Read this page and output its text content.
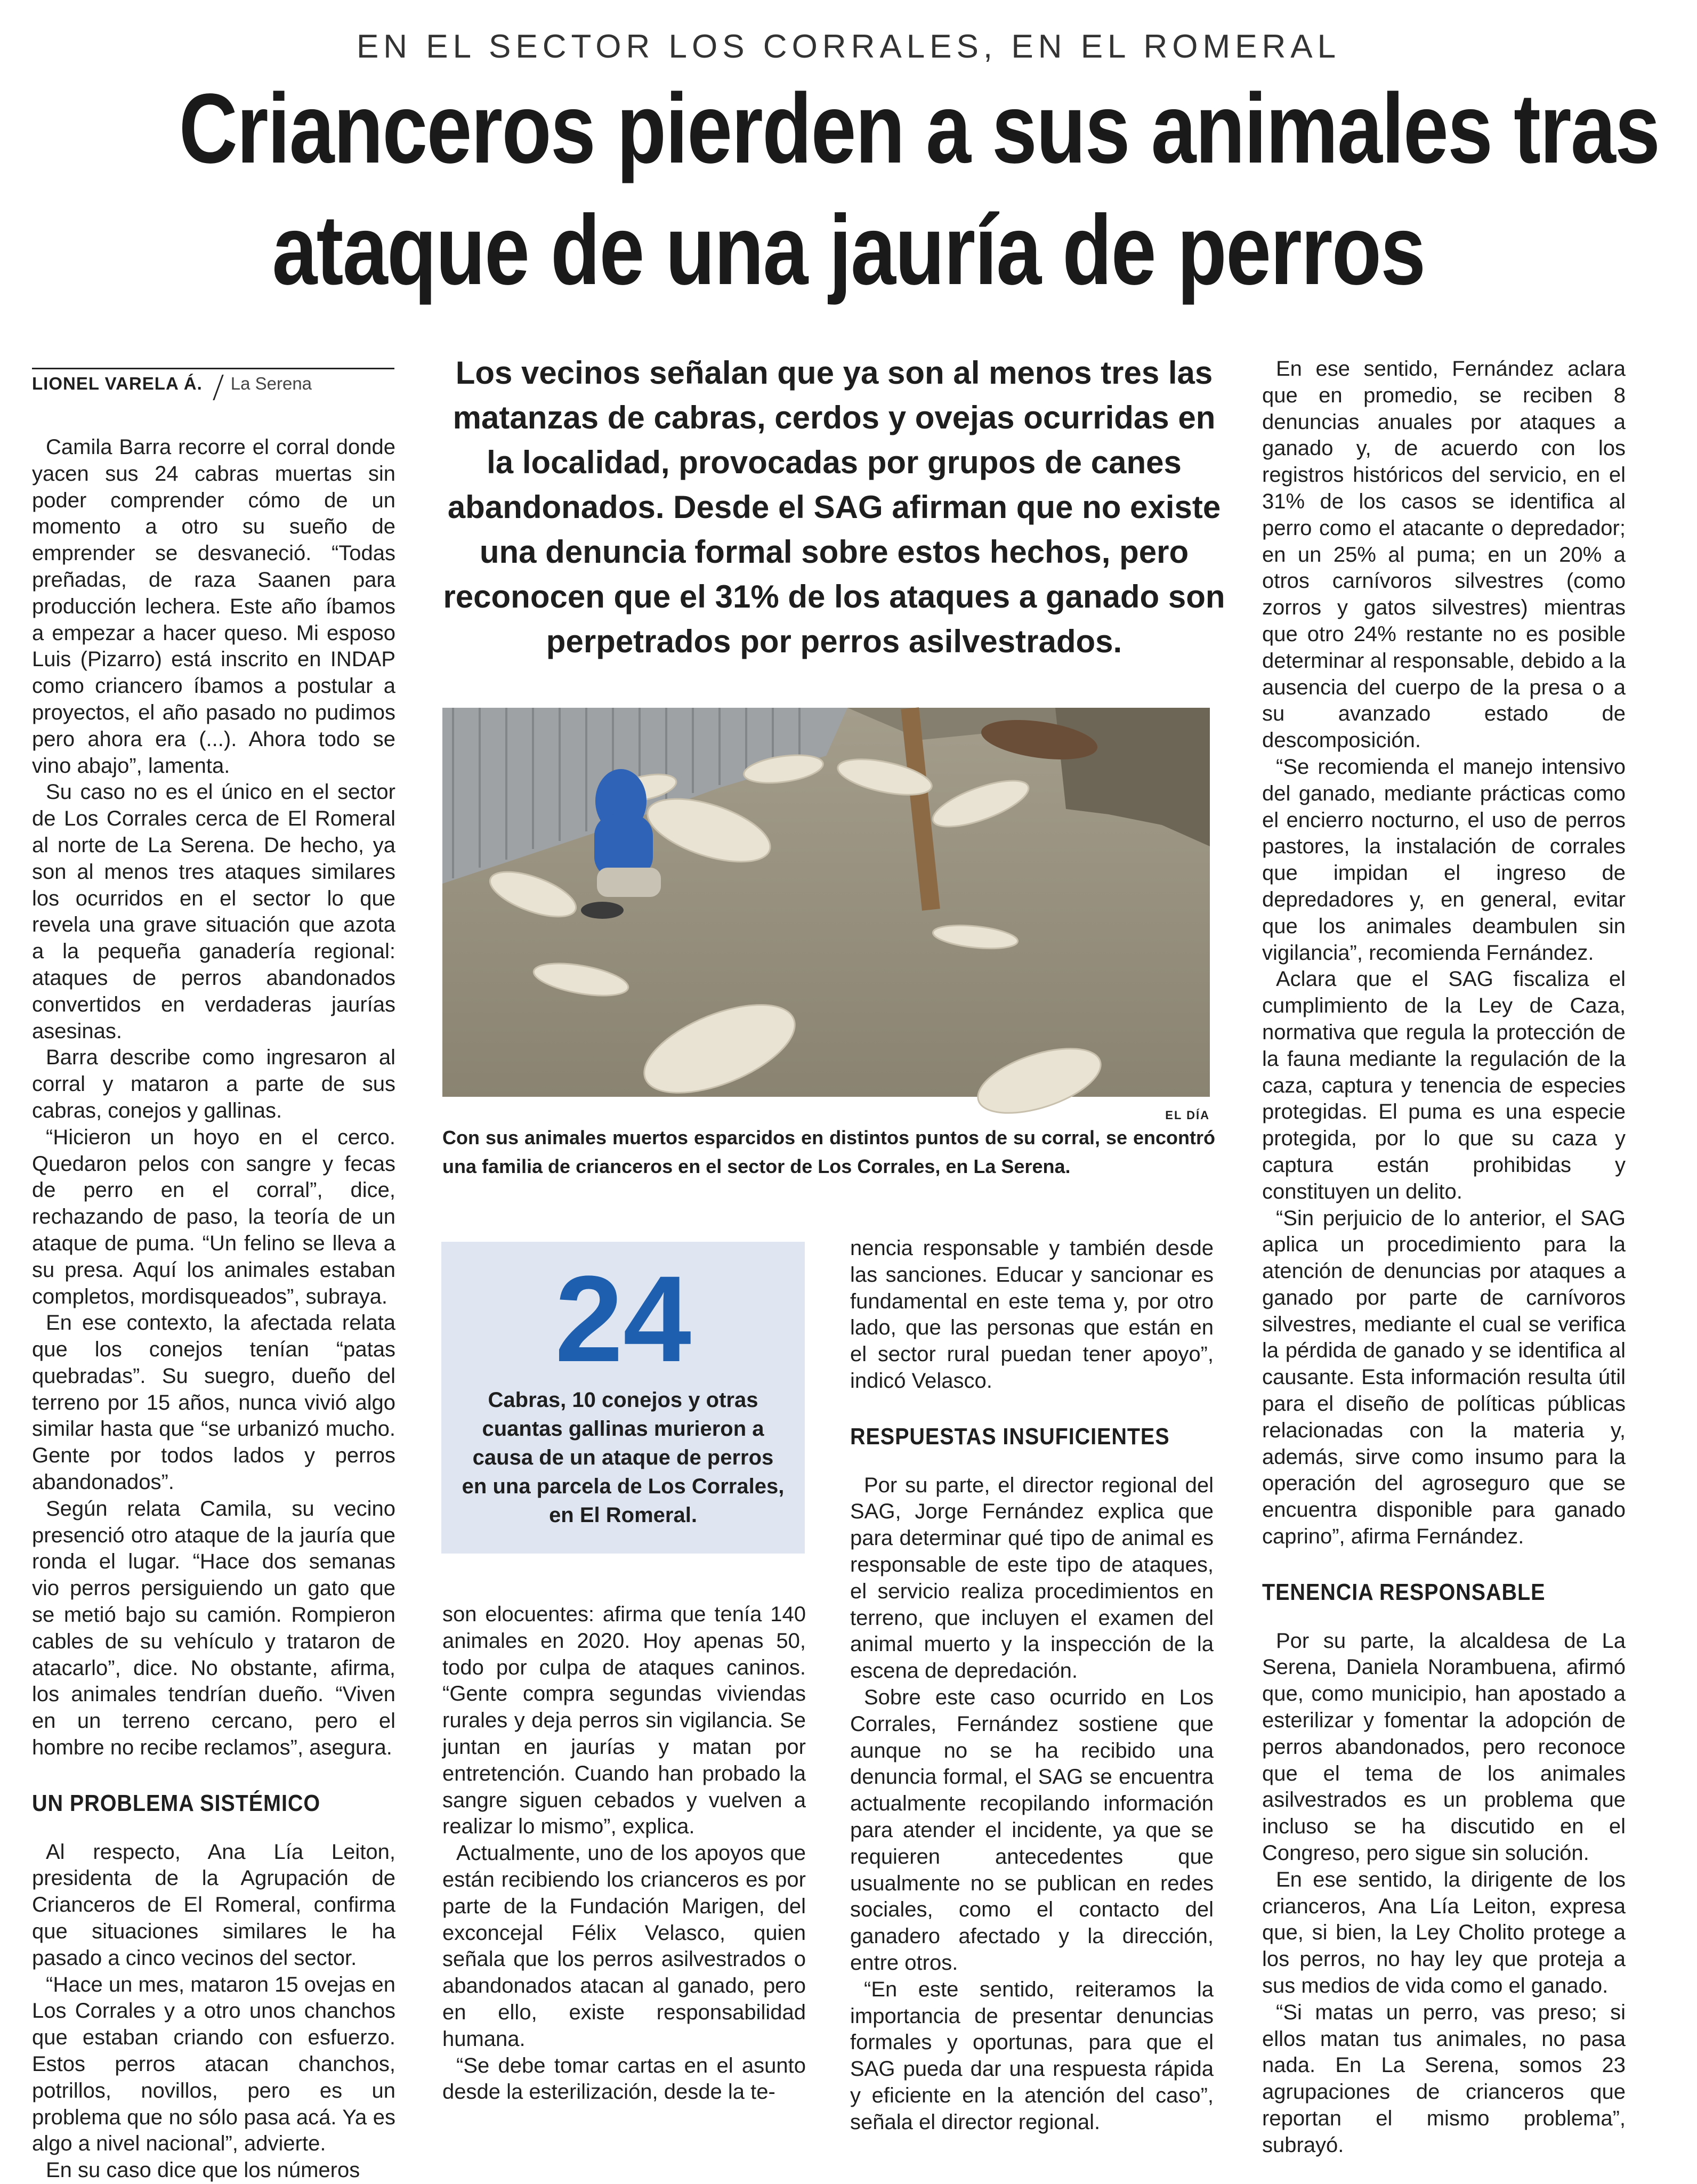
EN EL SECTOR LOS CORRALES, EN EL ROMERAL
Crianceros pierden a sus animales tras
ataque de una jauría de perros
LIONEL VARELA Á. La Serena

Camila Barra recorre el corral donde yacen sus 24 cabras muertas sin poder comprender cómo de un momento a otro su sueño de emprender se desvaneció. “Todas preñadas, de raza Saanen para producción lechera. Este año íbamos a empezar a hacer queso. Mi esposo Luis (Pizarro) está inscrito en INDAP como criancero íbamos a postular a proyectos, el año pasado no pudimos pero ahora era (...). Ahora todo se vino abajo”, lamenta.

Su caso no es el único en el sector de Los Corrales cerca de El Romeral al norte de La Serena. De hecho, ya son al menos tres ataques similares los ocurridos en el sector lo que revela una grave situación que azota a la pequeña ganadería regional: ataques de perros abandonados convertidos en verdaderas jaurías asesinas.

Barra describe como ingresaron al corral y mataron a parte de sus cabras, conejos y gallinas.

“Hicieron un hoyo en el cerco. Quedaron pelos con sangre y fecas de perro en el corral”, dice, rechazando de paso, la teoría de un ataque de puma. “Un felino se lleva a su presa. Aquí los animales estaban completos, mordisqueados”, subraya.

En ese contexto, la afectada relata que los conejos tenían “patas quebradas”. Su suegro, dueño del terreno por 15 años, nunca vivió algo similar hasta que “se urbanizó mucho. Gente por todos lados y perros abandonados”.

Según relata Camila, su vecino presenció otro ataque de la jauría que ronda el lugar. “Hace dos semanas vio perros persiguiendo un gato que se metió bajo su camión. Rompieron cables de su vehículo y trataron de atacarlo”, dice. No obstante, afirma, los animales tendrían dueño. “Viven en un terreno cercano, pero el hombre no recibe reclamos”, asegura.

UN PROBLEMA SISTÉMICO

Al respecto, Ana Lía Leiton, presidenta de la Agrupación de Crianceros de El Romeral, confirma que situaciones similares le ha pasado a cinco vecinos del sector.

“Hace un mes, mataron 15 ovejas en Los Corrales y a otro unos chanchos que estaban criando con esfuerzo. Estos perros atacan chanchos, potrillos, novillos, pero es un problema que no sólo pasa acá. Ya es algo a nivel nacional”, advierte.

En su caso dice que los números

Los vecinos señalan que ya son al menos tres las matanzas de cabras, cerdos y ovejas ocurridas en la localidad, provocadas por grupos de canes abandonados. Desde el SAG afirman que no existe una denuncia formal sobre estos hechos, pero reconocen que el 31% de los ataques a ganado son perpetrados por perros asilvestrados.
EL DÍA
Con sus animales muertos esparcidos en distintos puntos de su corral, se encontró una familia de crianceros en el sector de Los Corrales, en La Serena.
24
Cabras, 10 conejos y otras cuantas gallinas murieron a causa de un ataque de perros en una parcela de Los Corrales, en El Romeral.

son elocuentes: afirma que tenía 140 animales en 2020. Hoy apenas 50, todo por culpa de ataques caninos. “Gente compra segundas viviendas rurales y deja perros sin vigilancia. Se juntan en jaurías y matan por entretención. Cuando han probado la sangre siguen cebados y vuelven a realizar lo mismo”, explica.

Actualmente, uno de los apoyos que están recibiendo los crianceros es por parte de la Fundación Marigen, del exconcejal Félix Velasco, quien señala que los perros asilvestrados o abandonados atacan al ganado, pero en ello, existe responsabilidad humana.

“Se debe tomar cartas en el asunto desde la esterilización, desde la te-

nencia responsable y también desde las sanciones. Educar y sancionar es fundamental en este tema y, por otro lado, que las personas que están en el sector rural puedan tener apoyo”, indicó Velasco.

RESPUESTAS INSUFICIENTES

Por su parte, el director regional del SAG, Jorge Fernández explica que para determinar qué tipo de animal es responsable de este tipo de ataques, el servicio realiza procedimientos en terreno, que incluyen el examen del animal muerto y la inspección de la escena de depredación.

Sobre este caso ocurrido en Los Corrales, Fernández sostiene que aunque no se ha recibido una denuncia formal, el SAG se encuentra actualmente recopilando información para atender el incidente, ya que se requieren antecedentes que usualmente no se publican en redes sociales, como el contacto del ganadero afectado y la dirección, entre otros.

“En este sentido, reiteramos la importancia de presentar denuncias formales y oportunas, para que el SAG pueda dar una respuesta rápida y eficiente en la atención del caso”, señala el director regional.

En ese sentido, Fernández aclara que en promedio, se reciben 8 denuncias anuales por ataques a ganado y, de acuerdo con los registros históricos del servicio, en el 31% de los casos se identifica al perro como el atacante o depredador; en un 25% al puma; en un 20% a otros carnívoros silvestres (como zorros y gatos silvestres) mientras que otro 24% restante no es posible determinar al responsable, debido a la ausencia del cuerpo de la presa o a su avanzado estado de descomposición.

“Se recomienda el manejo intensivo del ganado, mediante prácticas como el encierro nocturno, el uso de perros pastores, la instalación de corrales que impidan el ingreso de depredadores y, en general, evitar que los animales deambulen sin vigilancia”, recomienda Fernández.

Aclara que el SAG fiscaliza el cumplimiento de la Ley de Caza, normativa que regula la protección de la fauna mediante la regulación de la caza, captura y tenencia de especies protegidas. El puma es una especie protegida, por lo que su caza y captura están prohibidas y constituyen un delito.

“Sin perjuicio de lo anterior, el SAG aplica un procedimiento para la atención de denuncias por ataques a ganado por parte de carnívoros silvestres, mediante el cual se verifica la pérdida de ganado y se identifica al causante. Esta información resulta útil para el diseño de políticas públicas relacionadas con la materia y, además, sirve como insumo para la operación del agroseguro que se encuentra disponible para ganado caprino”, afirma Fernández.

TENENCIA RESPONSABLE

Por su parte, la alcaldesa de La Serena, Daniela Norambuena, afirmó que, como municipio, han apostado a esterilizar y fomentar la adopción de perros abandonados, pero reconoce que el tema de los animales asilvestrados es un problema que incluso se ha discutido en el Congreso, pero sigue sin solución.

En ese sentido, la dirigente de los crianceros, Ana Lía Leiton, expresa que, si bien, la Ley Cholito protege a los perros, no hay ley que proteja a sus medios de vida como el ganado.

“Si matas un perro, vas preso; si ellos matan tus animales, no pasa nada. En La Serena, somos 23 agrupaciones de crianceros que reportan el mismo problema”, subrayó.
